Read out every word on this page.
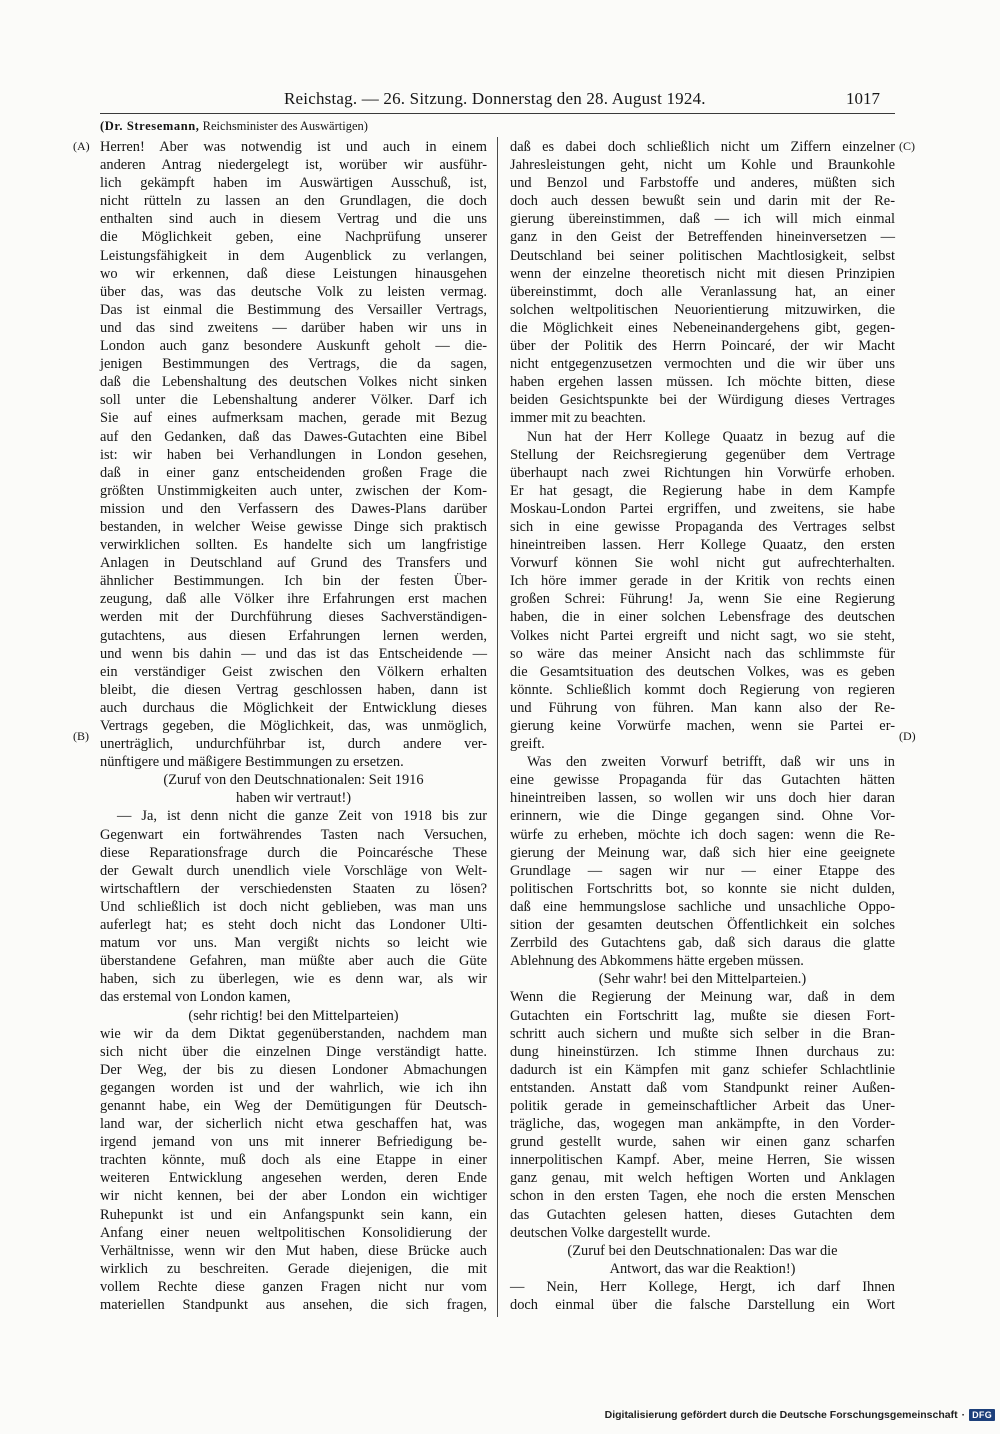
Reichstag. — 26. Sitzung. Donnerstag den 28. August 1924.	1017
(Dr. Stresemann, Reichsminister des Auswärtigen)
(A)
(B)
(C)
(D)
Herren! Aber was notwendig ist und auch in einem
anderen Antrag niedergelegt ist, worüber wir ausführ-
lich gekämpft haben im Auswärtigen Ausschuß, ist,
nicht rütteln zu lassen an den Grundlagen, die doch
enthalten sind auch in diesem Vertrag und die uns
die Möglichkeit geben, eine Nachprüfung unserer
Leistungsfähigkeit in dem Augenblick zu verlangen,
wo wir erkennen, daß diese Leistungen hinausgehen
über das, was das deutsche Volk zu leisten vermag.
Das ist einmal die Bestimmung des Versailler Vertrags,
und das sind zweitens — darüber haben wir uns in
London auch ganz besondere Auskunft geholt — die-
jenigen Bestimmungen des Vertrags, die da sagen,
daß die Lebenshaltung des deutschen Volkes nicht sinken
soll unter die Lebenshaltung anderer Völker. Darf ich
Sie auf eines aufmerksam machen, gerade mit Bezug
auf den Gedanken, daß das Dawes-Gutachten eine Bibel
ist: wir haben bei Verhandlungen in London gesehen,
daß in einer ganz entscheidenden großen Frage die
größten Unstimmigkeiten auch unter, zwischen der Kom-
mission und den Verfassern des Dawes-Plans darüber
bestanden, in welcher Weise gewisse Dinge sich praktisch
verwirklichen sollten. Es handelte sich um langfristige
Anlagen in Deutschland auf Grund des Transfers und
ähnlicher Bestimmungen. Ich bin der festen Über-
zeugung, daß alle Völker ihre Erfahrungen erst machen
werden mit der Durchführung dieses Sachverständigen-
gutachtens, aus diesen Erfahrungen lernen werden,
und wenn bis dahin — und das ist das Entscheidende —
ein verständiger Geist zwischen den Völkern erhalten
bleibt, die diesen Vertrag geschlossen haben, dann ist
auch durchaus die Möglichkeit der Entwicklung dieses
Vertrags gegeben, die Möglichkeit, das, was unmöglich,
unerträglich, undurchführbar ist, durch andere ver-
nünftigere und mäßigere Bestimmungen zu ersetzen.
(Zuruf von den Deutschnationalen: Seit 1916
haben wir vertraut!)
— Ja, ist denn nicht die ganze Zeit von 1918 bis zur
Gegenwart ein fortwährendes Tasten nach Versuchen,
diese Reparationsfrage durch die Poincarésche These
der Gewalt durch unendlich viele Vorschläge von Welt-
wirtschaftlern der verschiedensten Staaten zu lösen?
Und schließlich ist doch nicht geblieben, was man uns
auferlegt hat; es steht doch nicht das Londoner Ulti-
matum vor uns. Man vergißt nichts so leicht wie
überstandene Gefahren, man müßte aber auch die Güte
haben, sich zu überlegen, wie es denn war, als wir
das erstemal von London kamen,
(sehr richtig! bei den Mittelparteien)
wie wir da dem Diktat gegenüberstanden, nachdem man
sich nicht über die einzelnen Dinge verständigt hatte.
Der Weg, der bis zu diesen Londoner Abmachungen
gegangen worden ist und der wahrlich, wie ich ihn
genannt habe, ein Weg der Demütigungen für Deutsch-
land war, der sicherlich nicht etwa geschaffen hat, was
irgend jemand von uns mit innerer Befriedigung be-
trachten könnte, muß doch als eine Etappe in einer
weiteren Entwicklung angesehen werden, deren Ende
wir nicht kennen, bei der aber London ein wichtiger
Ruhepunkt ist und ein Anfangspunkt sein kann, ein
Anfang einer neuen weltpolitischen Konsolidierung der
Verhältnisse, wenn wir den Mut haben, diese Brücke auch
wirklich zu beschreiten. Gerade diejenigen, die mit
vollem Rechte diese ganzen Fragen nicht nur vom
materiellen Standpunkt aus ansehen, die sich fragen,
daß es dabei doch schließlich nicht um Ziffern einzelner
Jahresleistungen geht, nicht um Kohle und Braunkohle
und Benzol und Farbstoffe und anderes, müßten sich
doch auch dessen bewußt sein und darin mit der Re-
gierung übereinstimmen, daß — ich will mich einmal
ganz in den Geist der Betreffenden hineinversetzen —
Deutschland bei seiner politischen Machtlosigkeit, selbst
wenn der einzelne theoretisch nicht mit diesen Prinzipien
übereinstimmt, doch alle Veranlassung hat, an einer
solchen weltpolitischen Neuorientierung mitzuwirken, die
die Möglichkeit eines Nebeneinandergehens gibt, gegen-
über der Politik des Herrn Poincaré, der wir Macht
nicht entgegenzusetzen vermochten und die wir über uns
haben ergehen lassen müssen. Ich möchte bitten, diese
beiden Gesichtspunkte bei der Würdigung dieses Vertrages
immer mit zu beachten.
Nun hat der Herr Kollege Quaatz in bezug auf die
Stellung der Reichsregierung gegenüber dem Vertrage
überhaupt nach zwei Richtungen hin Vorwürfe erhoben.
Er hat gesagt, die Regierung habe in dem Kampfe
Moskau-London Partei ergriffen, und zweitens, sie habe
sich in eine gewisse Propaganda des Vertrages selbst
hineintreiben lassen. Herr Kollege Quaatz, den ersten
Vorwurf können Sie wohl nicht gut aufrechterhalten.
Ich höre immer gerade in der Kritik von rechts einen
großen Schrei: Führung! Ja, wenn Sie eine Regierung
haben, die in einer solchen Lebensfrage des deutschen
Volkes nicht Partei ergreift und nicht sagt, wo sie steht,
so wäre das meiner Ansicht nach das schlimmste für
die Gesamtsituation des deutschen Volkes, was es geben
könnte. Schließlich kommt doch Regierung von regieren
und Führung von führen. Man kann also der Re-
gierung keine Vorwürfe machen, wenn sie Partei er-
greift.
Was den zweiten Vorwurf betrifft, daß wir uns in
eine gewisse Propaganda für das Gutachten hätten
hineintreiben lassen, so wollen wir uns doch hier daran
erinnern, wie die Dinge gegangen sind. Ohne Vor-
würfe zu erheben, möchte ich doch sagen: wenn die Re-
gierung der Meinung war, daß sich hier eine geeignete
Grundlage — sagen wir nur — einer Etappe des
politischen Fortschritts bot, so konnte sie nicht dulden,
daß eine hemmungslose sachliche und unsachliche Oppo-
sition der gesamten deutschen Öffentlichkeit ein solches
Zerrbild des Gutachtens gab, daß sich daraus die glatte
Ablehnung des Abkommens hätte ergeben müssen.
(Sehr wahr! bei den Mittelparteien.)
Wenn die Regierung der Meinung war, daß in dem
Gutachten ein Fortschritt lag, mußte sie diesen Fort-
schritt auch sichern und mußte sich selber in die Bran-
dung hineinstürzen. Ich stimme Ihnen durchaus zu:
dadurch ist ein Kämpfen mit ganz schiefer Schlachtlinie
entstanden. Anstatt daß vom Standpunkt reiner Außen-
politik gerade in gemeinschaftlicher Arbeit das Uner-
trägliche, das, wogegen man ankämpfte, in den Vorder-
grund gestellt wurde, sahen wir einen ganz scharfen
innerpolitischen Kampf. Aber, meine Herren, Sie wissen
ganz genau, mit welch heftigen Worten und Anklagen
schon in den ersten Tagen, ehe noch die ersten Menschen
das Gutachten gelesen hatten, dieses Gutachten dem
deutschen Volke dargestellt wurde.
(Zuruf bei den Deutschnationalen: Das war die
Antwort, das war die Reaktion!)
— Nein, Herr Kollege, Hergt, ich darf Ihnen
doch einmal über die falsche Darstellung ein Wort
Digitalisierung gefördert durch die Deutsche Forschungsgemeinschaft · DFG
